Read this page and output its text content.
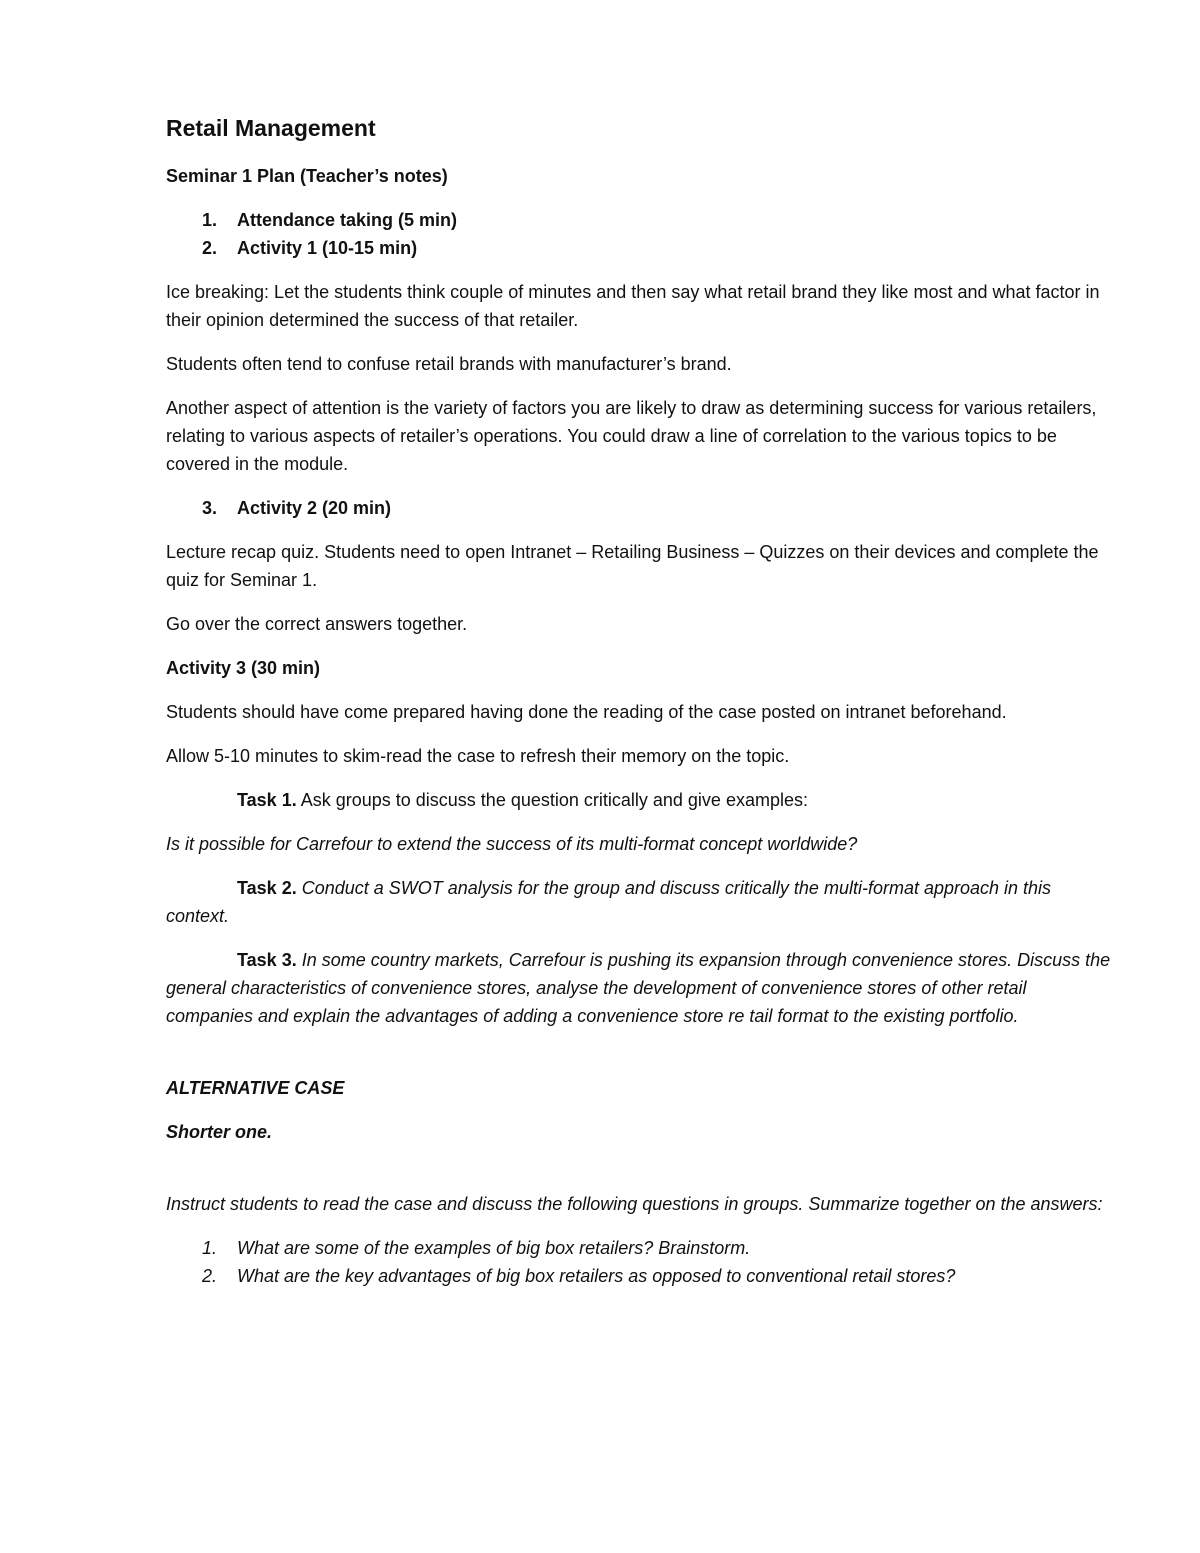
Retail Management

Seminar 1 Plan (Teacher’s notes)

1. Attendance taking (5 min)
2. Activity 1 (10-15 min)

Ice breaking: Let the students think couple of minutes and then say what retail brand they like most and what factor in their opinion determined the success of that retailer.

Students often tend to confuse retail brands with manufacturer’s brand.

Another aspect of attention is the variety of factors you are likely to draw as determining success for various retailers, relating to various aspects of retailer’s operations. You could draw a line of correlation to the various topics to be covered in the module.

3. Activity 2 (20 min)

Lecture recap quiz. Students need to open Intranet – Retailing Business – Quizzes on their devices and complete the quiz for Seminar 1.

Go over the correct answers together.

Activity 3 (30 min)

Students should have come prepared having done the reading of the case posted on intranet beforehand.

Allow 5-10 minutes to skim-read the case to refresh their memory on the topic.

Task 1. Ask groups to discuss the question critically and give examples:

Is it possible for Carrefour to extend the success of its multi-format concept worldwide?

Task 2. Conduct a SWOT analysis for the group and discuss critically the multi-format approach in this context.

Task 3. In some country markets, Carrefour is pushing its expansion through convenience stores. Discuss the general characteristics of convenience stores, analyse the development of convenience stores of other retail companies and explain the advantages of adding a convenience store re tail format to the existing portfolio.

ALTERNATIVE CASE

Shorter one.

Instruct students to read the case and discuss the following questions in groups. Summarize together on the answers:

1. What are some of the examples of big box retailers? Brainstorm.
2. What are the key advantages of big box retailers as opposed to conventional retail stores?
